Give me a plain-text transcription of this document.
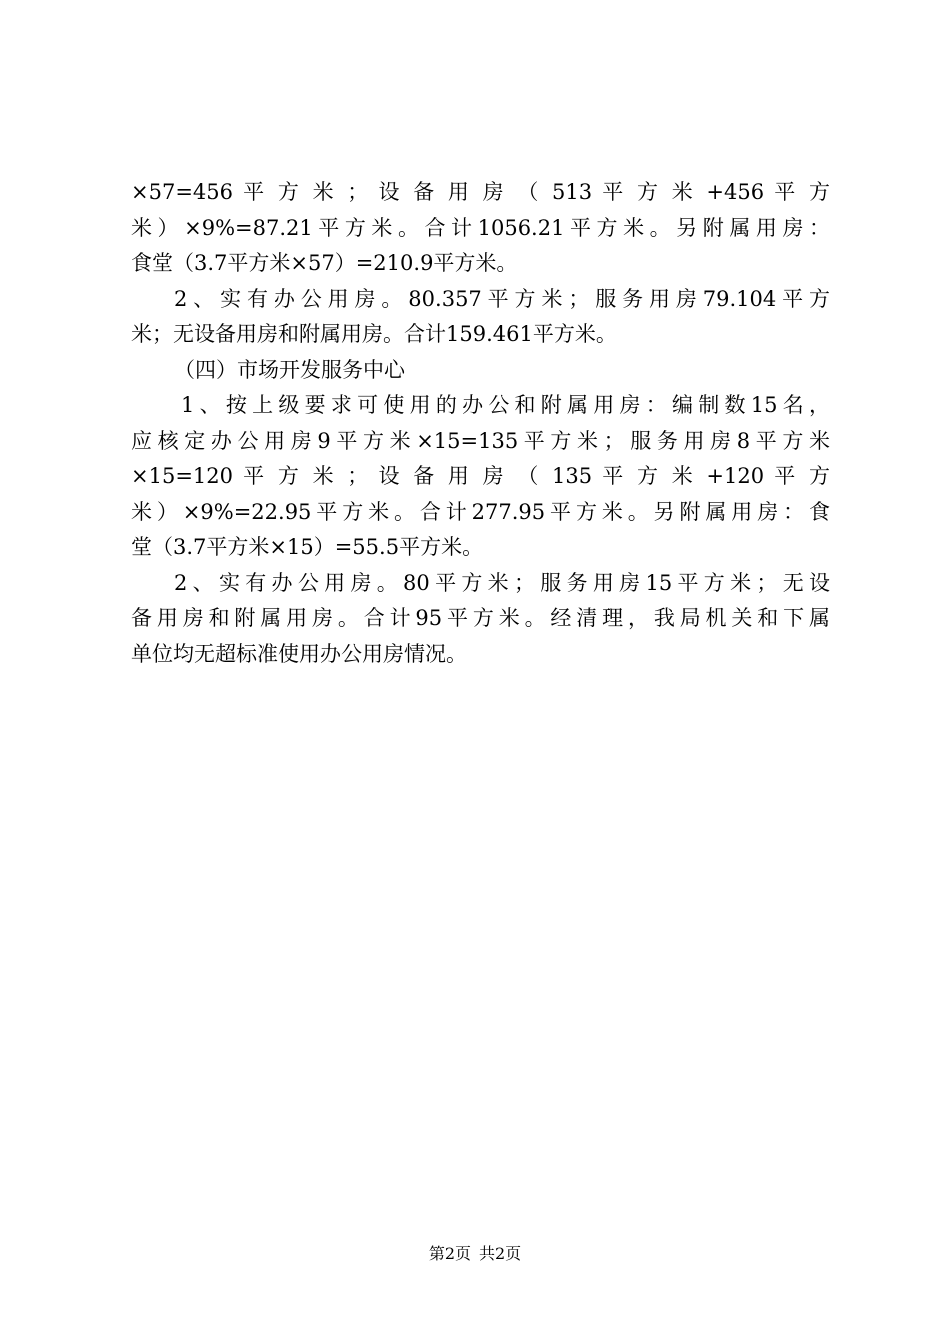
×57=456 平 方 米 ； 设 备 用 房 （ 513 平 方 米 +456 平 方
米）×9%=87.21平方米。合计1056.21平方米。另附属用房：
食堂（3.7平方米×57）=210.9平方米。
2、实有办公用房。80.357平方米；服务用房79.104平方
米；无设备用房和附属用房。合计159.461平方米。
（四）市场开发服务中心
1、按上级要求可使用的办公和附属用房：编制数15名，
应核定办公用房9平方米×15=135平方米；服务用房8平方米
×15=120 平 方 米 ； 设 备 用 房 （ 135 平 方 米 +120 平 方
米）×9%=22.95平方米。合计277.95平方米。另附属用房：食
堂（3.7平方米×15）=55.5平方米。
2、实有办公用房。80平方米；服务用房15平方米；无设
备用房和附属用房。合计95平方米。经清理，我局机关和下属
单位均无超标准使用办公用房情况。
第2页 共2页
